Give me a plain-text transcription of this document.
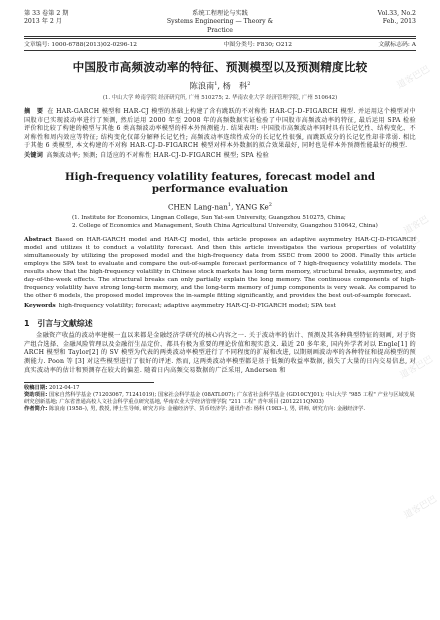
第 33 卷第 2 期
2013 年 2 月
系统工程理论与实践
Systems Engineering — Theory & Practice
Vol.33, No.2
Feb., 2013
文章编号: 1000-6788(2013)02-0296-12	中图分类号: F830; O212	文献标志码: A
中国股市高频波动率的特征、预测模型以及预测精度比较
陈浪南$^1$, 杨　科$^2$
(1. 中山大学 岭南学院 经济研究所, 广州 510275; 2. 华南农业大学 经济管理学院, 广州 510642)
摘　要 在 HAR-GARCH 模型和 HAR-CJ 模型的基础上构建了含有跳跃的不对称性 HAR-CJ-D-FIGARCH 模型. 并运用这个模型对中国股市已实现波动率进行了预测, 然后运用 2000 年至 2008 年的高频数据实证检验了中国股市高频波动率的特征, 最后运用 SPA 检验评价和比较了构建的模型与其他 6 类高频波动率模型的样本外预测能力. 结果表明: 中国股市高频波动率同时具有长记忆性、结构变化、不对称性和周内效应等特征; 结构变化仅部分解释长记忆性; 高频波动率连续性成分的长记忆性很强, 而跳跃成分的长记忆性却非常弱. 相比于其他 6 类模型, 本文构建的不对称 HAR-CJ-D-FIGARCH 模型对样本外数据的拟合效果最好, 同时也是样本外预测性能最好的模型.
关键词 高频波动率; 预测; 自适应的不对称性 HAR-CJ-D-FIGARCH 模型; SPA 检验
High-frequency volatility features, forecast model and
performance evaluation
CHEN Lang-nan$^1$, YANG Ke$^2$
(1. Institute for Economics, Lingnan College, Sun Yat-sen University, Guangzhou 510275, China;
2. College of Economics and Management, South China Agricultural University, Guangzhou 510642, China)
Abstract Based on HAR-GARCH model and HAR-CJ model, this article proposes an adaptive asymmetry HAR-CJ-D-FIGARCH model and utilizes it to conduct a volatility forecast. And then this article investigates the various properties of volatility simultaneously by utilizing the proposed model and the high-frequency data from SSEC from 2000 to 2008. Finally this article employs the SPA test to evaluate and compare the out-of-sample forecast performance of 7 high-frequency volatility models. The results show that the high-frequency volatility in Chinese stock markets has long term memory, structural breaks, asymmetry, and day-of-the-week effects. The structural breaks can only partially explain the long memory. The continuous components of high-frequency volatility have strong long-term memory, and the long-term memory of jump components is very weak. As compared to the other 6 models, the proposed model improves the in-sample fitting significantly, and provides the best out-of-sample forecast.
Keywords high-frequency volatility; forecast; adaptive asymmetry HAR-CJ-D-FIGARCH model; SPA test
1　引言与文献综述
金融资产收益的波动率建模一直以来都是金融经济学研究的核心内容之一. 关于波动率的估计、预测及其各种典型特征的刻画, 对于资产组合选择、金融风险管理以及金融衍生品定价、都具有极为重要的理论价值和现实意义. 最近 20 多年来, 国内外学者对以 Engle[1] 的 ARCH 模型和 Taylor[2] 的 SV 模型为代表的两类波动率模型进行了不同程度的扩展和改进, 以期刻画波动率的各种特征和提高模型的预测能力. Poon 等 [3] 对这些模型进行了很好的评述. 然而, 这两类波动率模型都是基于低频的收益率数据, 损失了大量的日内交易信息, 对真实波动率的估计和预测存在较大的偏差. 随着日内高频交易数据的广泛采用, Andersen 和
收稿日期: 2012-04-17
资助项目: 国家自然科学基金 (71203067, 71241019); 国家社会科学基金 (08ATL007); 广东省社会科学基金 (GD10CYJ01); 中山大学 "985 工程" 产业与区域发展研究创新基地; 广东省普通高校人文社会科学重点研究基地, 华南农业大学经济管理学院 "211 工程" 青年项目 (2012211QN03)
作者简介: 陈浪南 (1958–), 男, 教授, 博士生导师, 研究方向: 金融经济学、货币经济学; 通讯作者: 杨科 (1983–), 男, 讲师, 研究方向: 金融经济学.
道客巴巴
道客巴巴
道客巴巴
道客巴巴
